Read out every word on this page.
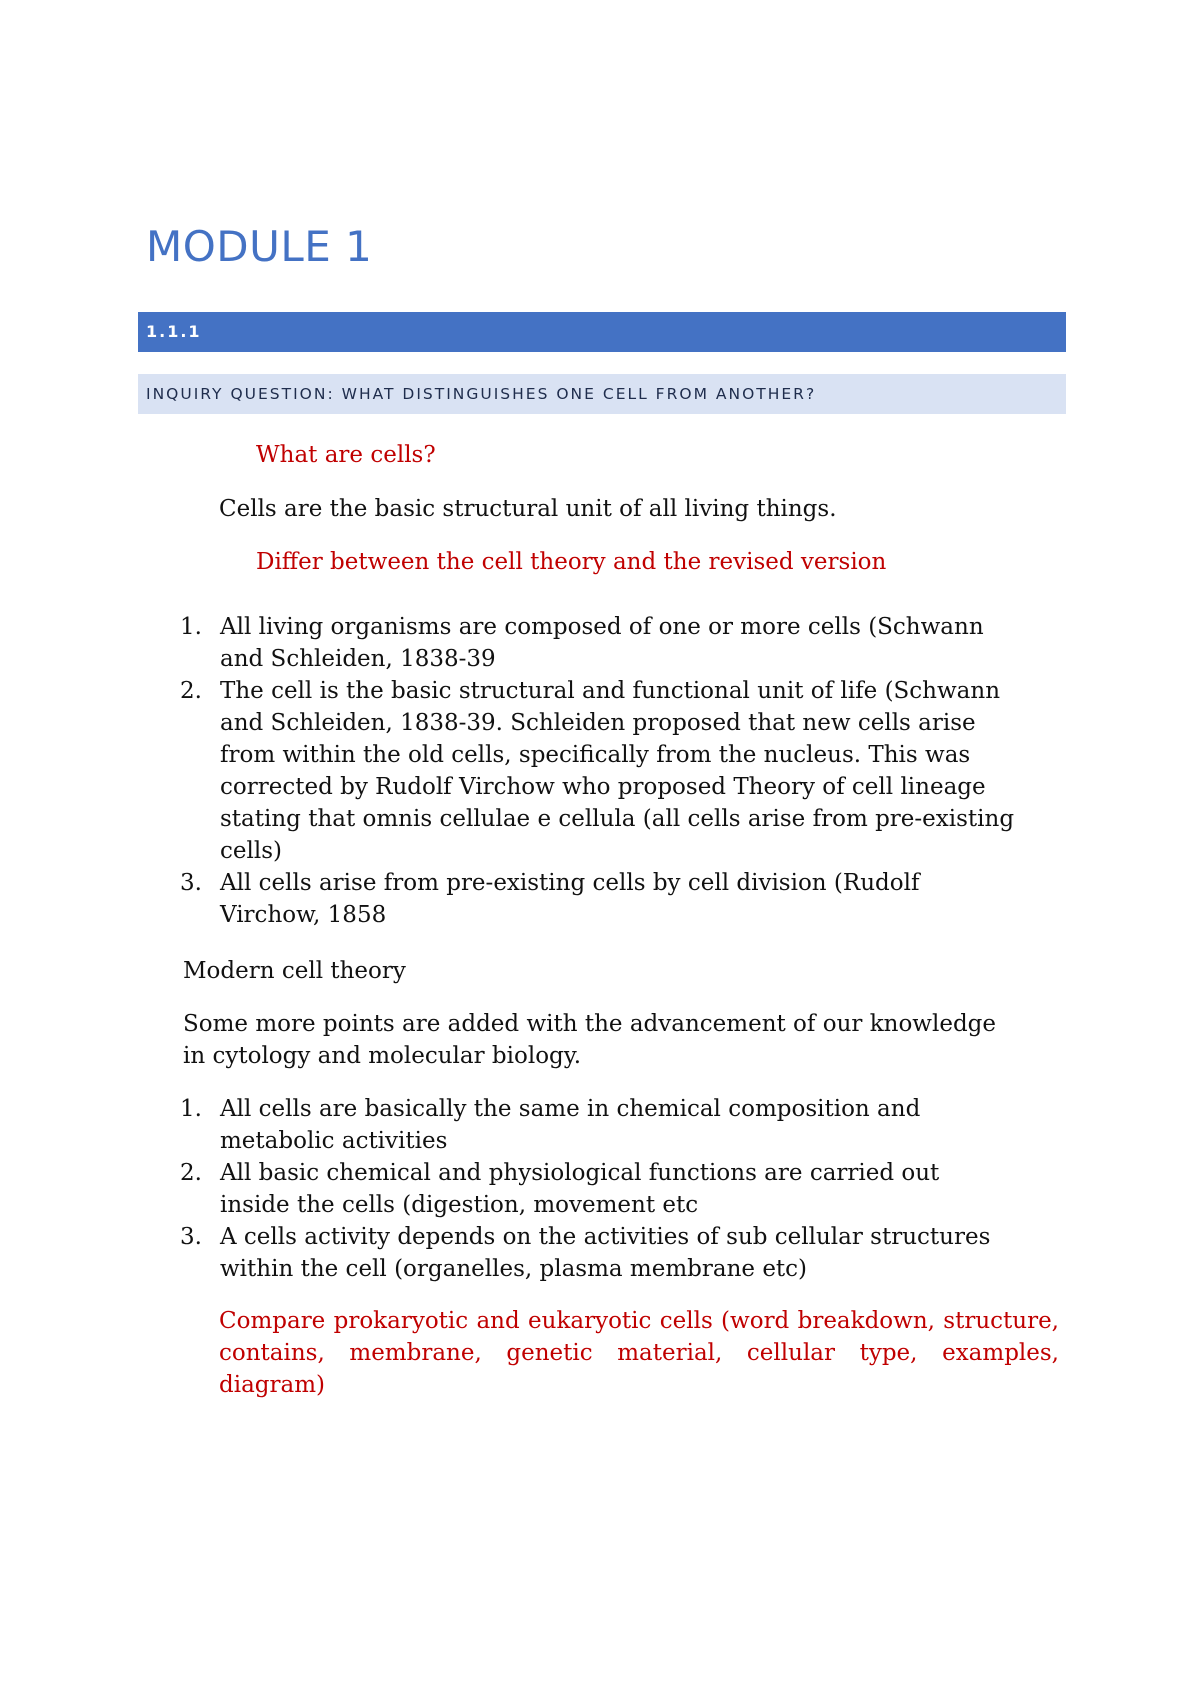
MODULE 1
1.1.1
INQUIRY QUESTION: WHAT DISTINGUISHES ONE CELL FROM ANOTHER?
What are cells?
Cells are the basic structural unit of all living things.
Differ between the cell theory and the revised version
1. All living organisms are composed of one or more cells (Schwann
and Schleiden, 1838-39
2. The cell is the basic structural and functional unit of life (Schwann
and Schleiden, 1838-39. Schleiden proposed that new cells arise
from within the old cells, specifically from the nucleus. This was
corrected by Rudolf Virchow who proposed Theory of cell lineage
stating that omnis cellulae e cellula (all cells arise from pre-existing
cells)
3. All cells arise from pre-existing cells by cell division (Rudolf
Virchow, 1858
Modern cell theory
Some more points are added with the advancement of our knowledge
in cytology and molecular biology.
1. All cells are basically the same in chemical composition and
metabolic activities
2. All basic chemical and physiological functions are carried out
inside the cells (digestion, movement etc
3. A cells activity depends on the activities of sub cellular structures
within the cell (organelles, plasma membrane etc)
Compare prokaryotic and eukaryotic cells (word breakdown, structure, contains, membrane, genetic material, cellular type, examples, diagram)
